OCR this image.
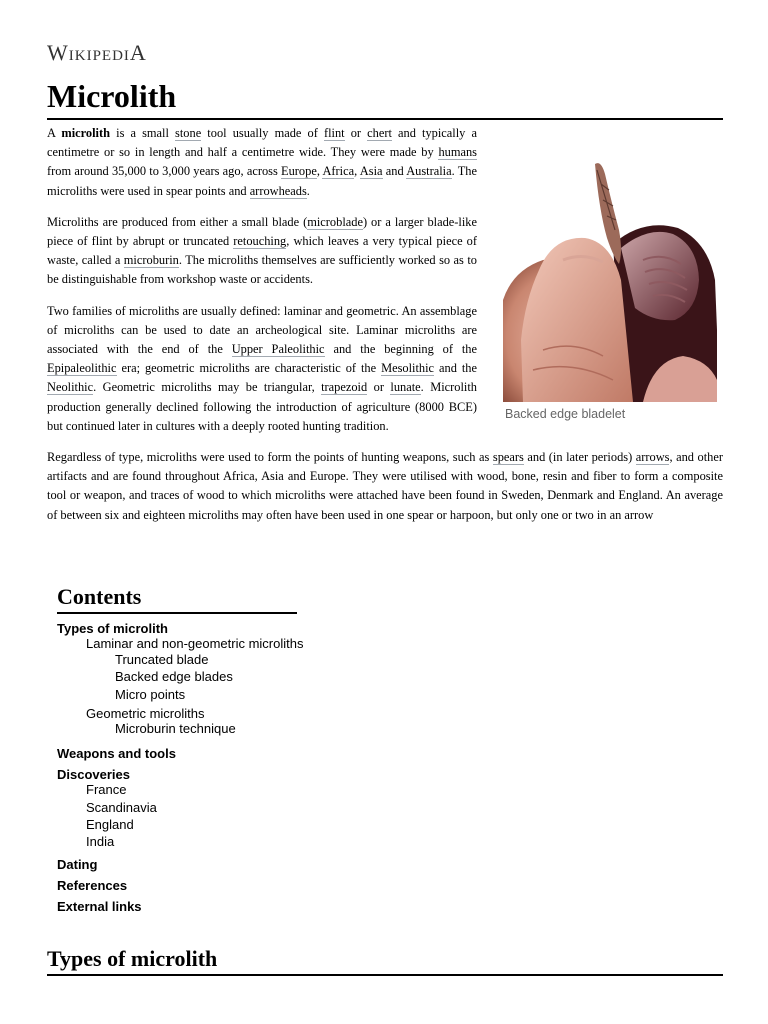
WikipediA
Microlith
Backed edge bladelet

A microlith is a small stone tool usually made of flint or chert and typically a centimetre or so in length and half a centimetre wide. They were made by humans from around 35,000 to 3,000 years ago, across Europe, Africa, Asia and Australia. The microliths were used in spear points and arrowheads.

Microliths are produced from either a small blade (microblade) or a larger blade-like piece of flint by abrupt or truncated retouching, which leaves a very typical piece of waste, called a microburin. The microliths themselves are sufficiently worked so as to be distinguishable from workshop waste or accidents.

Two families of microliths are usually defined: laminar and geometric. An assemblage of microliths can be used to date an archeological site. Laminar microliths are associated with the end of the Upper Paleolithic and the beginning of the Epipaleolithic era; geometric microliths are characteristic of the Mesolithic and the Neolithic. Geometric microliths may be triangular, trapezoid or lunate. Microlith production generally declined following the introduction of agriculture (8000 BCE) but continued later in cultures with a deeply rooted hunting tradition.

Regardless of type, microliths were used to form the points of hunting weapons, such as spears and (in later periods) arrows, and other artifacts and are found throughout Africa, Asia and Europe. They were utilised with wood, bone, resin and fiber to form a composite tool or weapon, and traces of wood to which microliths were attached have been found in Sweden, Denmark and England. An average of between six and eighteen microliths may often have been used in one spear or harpoon, but only one or two in an arrow

Contents
Types of microlith
Laminar and non-geometric microliths
Truncated blade
Backed edge blades
Micro points
Geometric microliths
Microburin technique
Weapons and tools
Discoveries
France
Scandinavia
England
India
Dating
References
External links
Types of microlith
